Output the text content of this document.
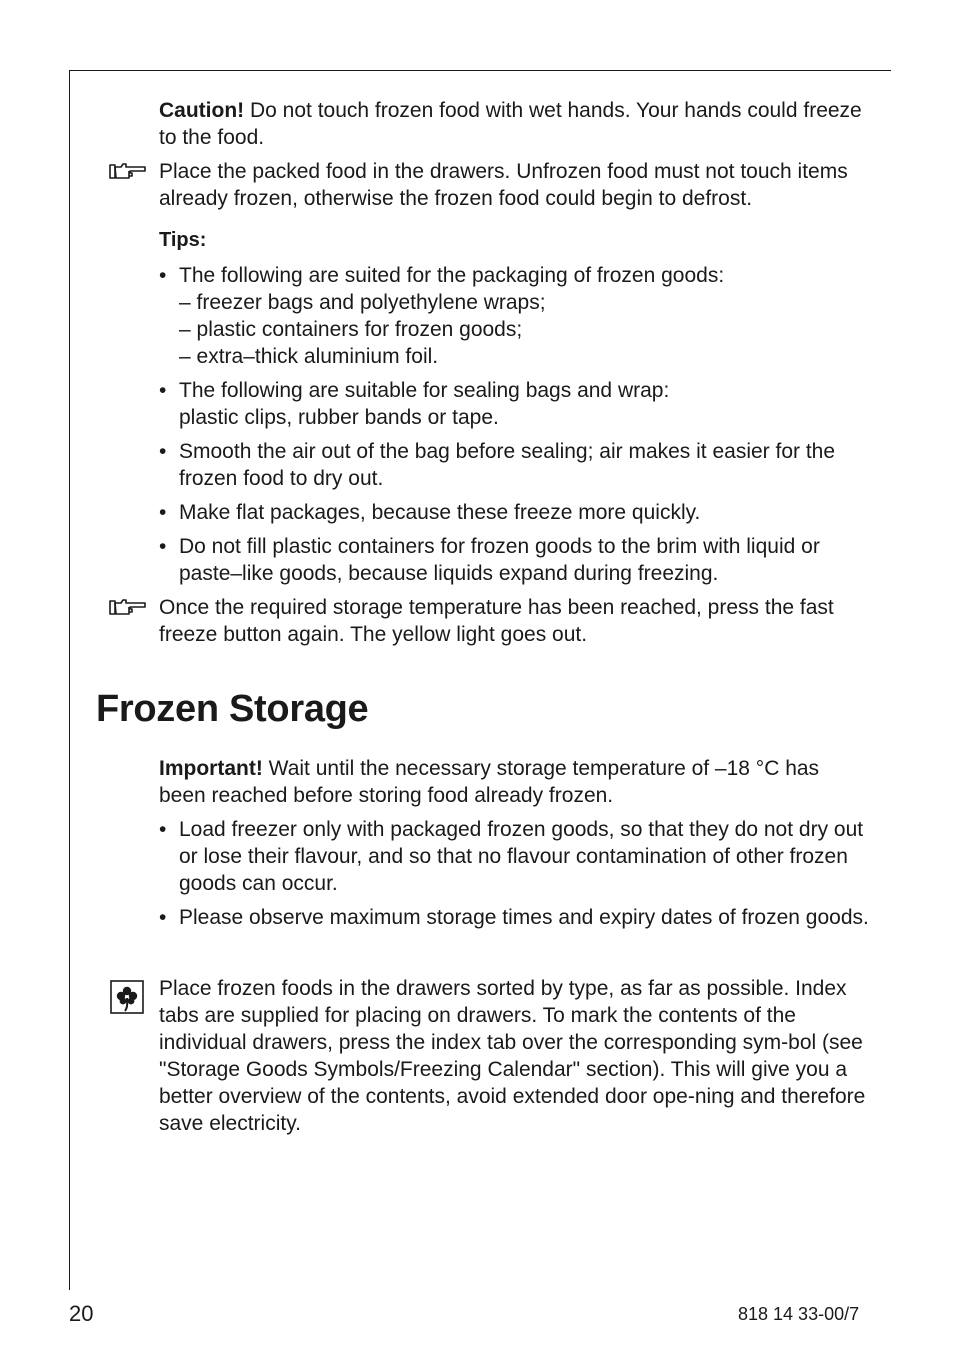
Caution! Do not touch frozen food with wet hands. Your hands could freeze to the food.

Place the packed food in the drawers. Unfrozen food must not touch items already frozen, otherwise the frozen food could begin to defrost.

Tips:
• The following are suited for the packaging of frozen goods:
– freezer bags and polyethylene wraps;
– plastic containers for frozen goods;
– extra–thick aluminium foil.
• The following are suitable for sealing bags and wrap:
plastic clips, rubber bands or tape.
• Smooth the air out of the bag before sealing; air makes it easier for the frozen food to dry out.
• Make flat packages, because these freeze more quickly.
• Do not fill plastic containers for frozen goods to the brim with liquid or paste–like goods, because liquids expand during freezing.

Once the required storage temperature has been reached, press the fast freeze button again. The yellow light goes out.

Frozen Storage

Important! Wait until the necessary storage temperature of –18 °C has been reached before storing food already frozen.

• Load freezer only with packaged frozen goods, so that they do not dry out or lose their flavour, and so that no flavour contamination of other frozen goods can occur.
• Please observe maximum storage times and expiry dates of frozen goods.

Place frozen foods in the drawers sorted by type, as far as possible. Index tabs are supplied for placing on drawers. To mark the contents of the individual drawers, press the index tab over the corresponding sym-bol (see "Storage Goods Symbols/Freezing Calendar" section). This will give you a better overview of the contents, avoid extended door ope-ning and therefore save electricity.

20	818 14 33-00/7
